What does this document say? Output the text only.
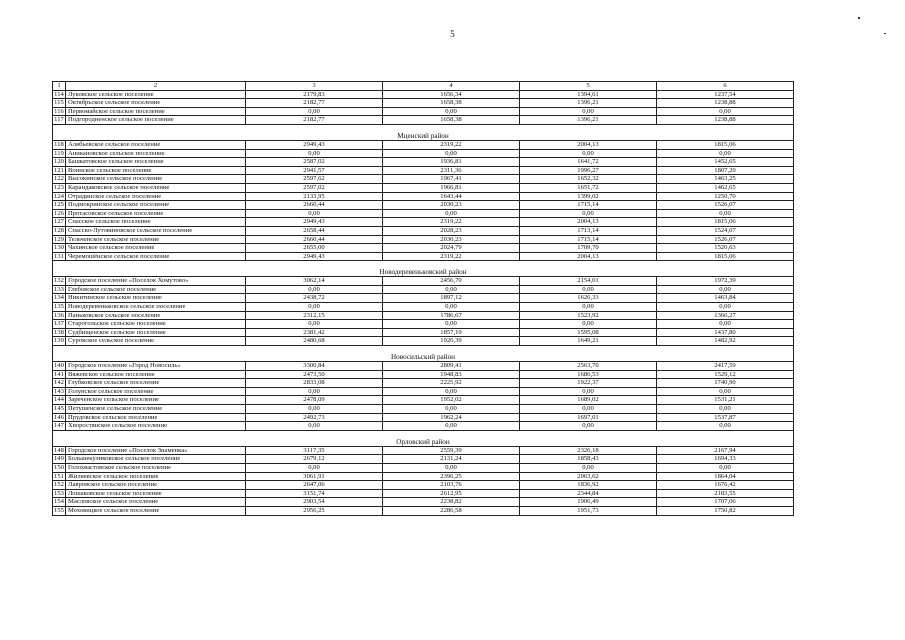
5
1	2	3	4	5	6
114	Луковское сельское поселение	2179,83	1656,34	1394,61	1237,54
115	Октябрьское сельское поселение	2182,77	1658,38	1396,21	1238,88
116	Первомайское сельское поселение	0,00	0,00	0,00	0,00
117	Подгородненское сельское поселение	2182,77	1658,38	1396,21	1238,88

Мценский район					
118	Алябьевское сельское поселение	2949,43	2319,22	2004,13	1815,06
119	Аникановское сельское поселение	0,00	0,00	0,00	0,00
120	Башкатовское сельское поселение	2587,02	1936,81	1641,72	1452,65
121	Воинское сельское поселение	2941,57	2311,36	1996,27	1807,20
122	Высокинское сельское поселение	2597,62	1967,41	1652,32	1463,25
123	Карандаковское сельское поселение	2597,02	1966,81	1651,72	1462,65
124	Отрадинское сельское поселение	2133,95	1643,44	1399,02	1250,70
125	Подмокринское сельское поселение	2660,44	2030,23	1715,14	1526,07
126	Протасовское сельское поселение	0,00	0,00	0,00	0,00
127	Спасское сельское поселение	2949,43	2319,22	2004,13	1815,06
128	Спасско-Лутовиновское сельское поселение	2658,44	2028,23	1713,14	1524,07
129	Тельченское сельское поселение	2660,44	2030,23	1715,14	1526,07
130	Чахинское сельское поселение	2655,00	2024,79	1709,70	1520,63
131	Черемошёнское сельское поселение	2949,43	2319,22	2004,13	1815,06

Новодеревеньковский район					
132	Городское поселение «Поселок Хомутово»	3062,14	2456,70	2154,01	1972,39
133	Глебовское сельское поселение	0,00	0,00	0,00	0,00
134	Никитинское сельское поселение	2438,72	1897,12	1626,33	1463,84
135	Новодеревеньковское сельское поселение	0,00	0,00	0,00	0,00
136	Паньковское сельское поселение	2312,15	1786,67	1523,92	1366,27
137	Старогольское сельское поселение	0,00	0,00	0,00	0,00
138	Судбищенское сельское поселение	2381,42	1857,19	1595,08	1437,80
139	Суровское сельское поселение	2480,68	1926,39	1649,21	1482,92

Новосильский район					
140	Городское поселение «Город Новосиль»	3300,84	2809,41	2563,70	2417,59
141	Вяжевское сельское поселение	2473,50	1948,83	1686,53	1529,12
142	Глубковское сельское поселение	2833,08	2225,92	1922,37	1740,90
143	Голунское сельское поселение	0,00	0,00	0,00	0,00
144	Зареченское сельское поселение	2478,09	1952,02	1689,02	1531,21
145	Петушенское сельское поселение	0,00	0,00	0,00	0,00
146	Прудовское сельское поселение	2492,73	1962,24	1697,01	1537,87
147	Хворостянское сельское поселение	0,00	0,00	0,00	0,00

Орловский район					
148	Городское поселение «Поселок Знаменка»	3117,35	2559,39	2326,18	2167,94
149	Большекуликовское сельское поселение	2679,12	2131,24	1858,43	1694,33
150	Голохвастовское сельское поселение	0,00	0,00	0,00	0,00
151	Жиляевское сельское поселение	3061,91	2396,25	2063,62	1864,04
152	Лавровское сельское поселение	2647,06	2103,76	1836,92	1676,42
153	Лошаковское сельское поселение	3151,74	2612,95	2344,84	2183,55
154	Масловское сельское поселение	2903,54	2238,82	1906,49	1707,06
155	Моховицкое сельское поселение	2956,25	2286,58	1951,73	1750,82
